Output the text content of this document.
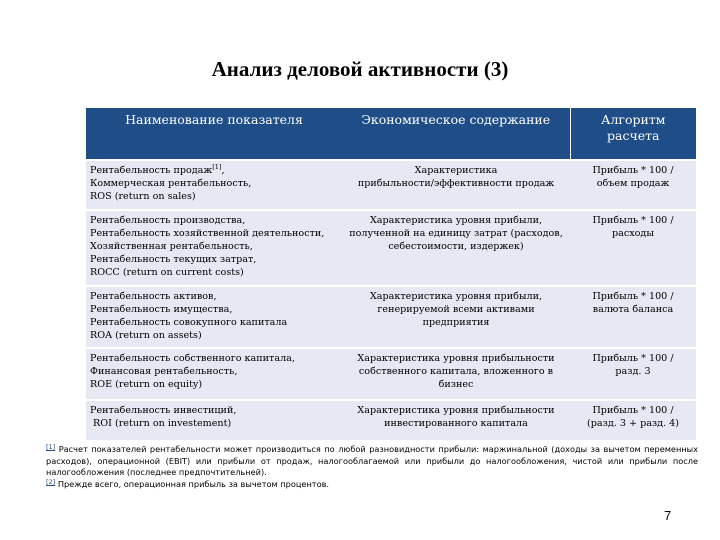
Анализ деловой активности (3)
Наименование показателя	Экономическое содержание	Алгоритм
расчета

Рентабельность продаж[1],
Коммерческая рентабельность,
ROS (return on sales)	Характеристика
прибыльности/эффективности продаж	Прибыль * 100 /
объем продаж

Рентабельность производства,
Рентабельность хозяйственной деятельности,
Хозяйственная рентабельность,
Рентабельность текущих затрат,
ROCC (return on current costs)	Характеристика уровня прибыли,
полученной на единицу затрат (расходов,
себестоимости, издержек)	Прибыль * 100 /
расходы

Рентабельность активов,
Рентабельность имущества,
Рентабельность совокупного капитала
ROA (return on assets)	Характеристика уровня прибыли,
генерируемой всеми активами
предприятия	Прибыль * 100 /
валюта баланса

Рентабельность собственного капитала,
Финансовая рентабельность,
ROE (return on equity)	Характеристика уровня прибыльности
собственного капитала, вложенного в
бизнес	Прибыль * 100 /
разд. 3

Рентабельность инвестиций,
ROI (return on investement)	Характеристика уровня прибыльности
инвестированного капитала	Прибыль * 100 /
(разд. 3 + разд. 4)

[1] Расчет показателей рентабельности может производиться по любой разновидности прибыли: маржинальной (доходы за вычетом переменных расходов), операционной (EBIT) или прибыли от продаж, налогооблагаемой или прибыли до налогообложения, чистой или прибыли после налогообложения (последнее предпочтительней).

[2] Прежде всего, операционная прибыль за вычетом процентов.

7
